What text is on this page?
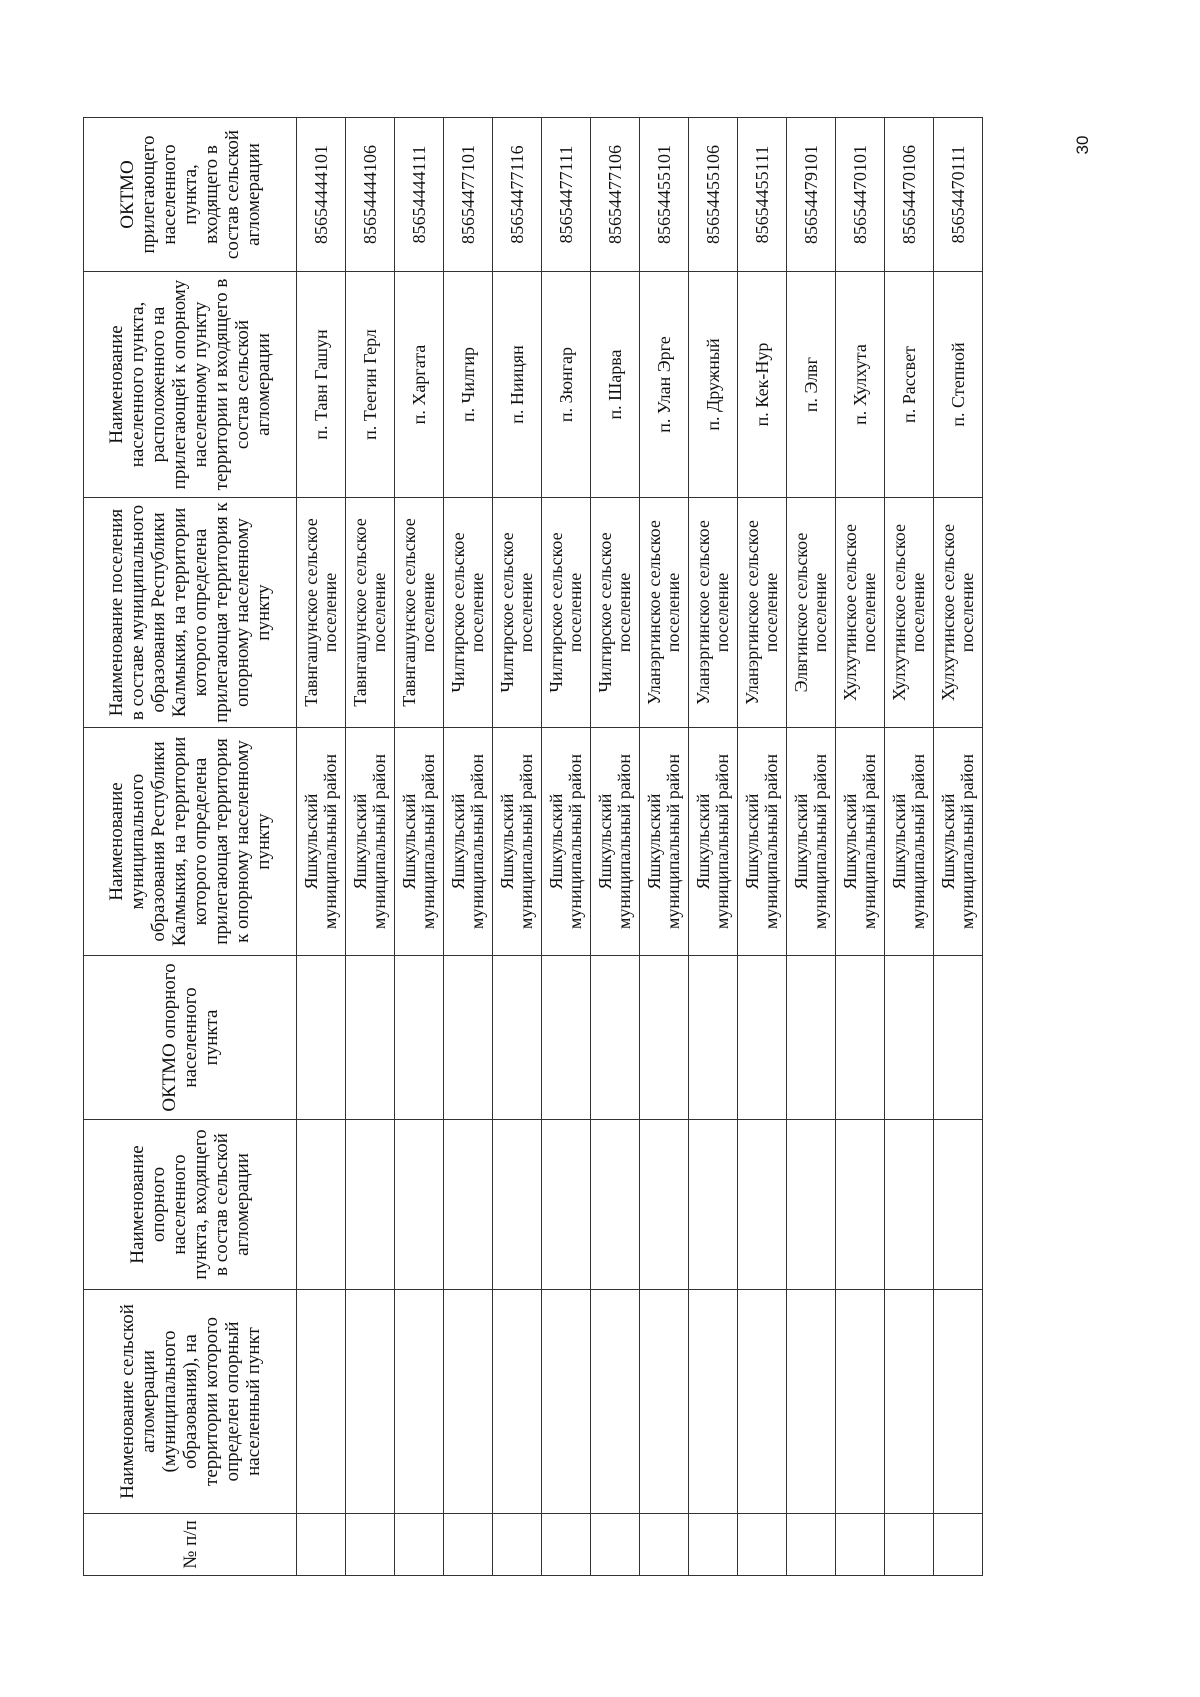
30
№ п/п	Наименование сельской агломерации (муниципального образования), на территории которого определен опорный населенный пункт	Наименование опорного населенного пункта, входящего в состав сельской агломерации	ОКТМО опорного населенного пункта	Наименование муниципального образования Республики Калмыкия, на территории которого определена прилегающая территория к опорному населенному пункту	Наименование поселения в составе муниципального образования Республики Калмыкия, на территории которого определена прилегающая территория к опорному населенному пункту	Наименование населенного пункта, расположенного на прилегающей к опорному населенному пункту территории и входящего в состав сельской агломерации	ОКТМО прилегающего населенного пункта, входящего в состав сельской агломерации
				Яшкульский муниципальный район	Тавнгашунское сельское поселение	п. Тавн Гашун	85654444101
				Яшкульский муниципальный район	Тавнгашунское сельское поселение	п. Теегин Герл	85654444106
				Яшкульский муниципальный район	Тавнгашунское сельское поселение	п. Харгата	85654444111
				Яшкульский муниципальный район	Чилгирское сельское поселение	п. Чилгир	85654477101
				Яшкульский муниципальный район	Чилгирское сельское поселение	п. Ниицян	85654477116
				Яшкульский муниципальный район	Чилгирское сельское поселение	п. Зюнгар	85654477111
				Яшкульский муниципальный район	Чилгирское сельское поселение	п. Шарва	85654477106
				Яшкульский муниципальный район	Уланэргинское сельское поселение	п. Улан Эрге	85654455101
				Яшкульский муниципальный район	Уланэргинское сельское поселение	п. Дружный	85654455106
				Яшкульский муниципальный район	Уланэргинское сельское поселение	п. Кек-Нур	85654455111
				Яшкульский муниципальный район	Элвгинское сельское поселение	п. Элвг	85654479101
				Яшкульский муниципальный район	Хулхутинское сельское поселение	п. Хулхута	85654470101
				Яшкульский муниципальный район	Хулхутинское сельское поселение	п. Рассвет	85654470106
				Яшкульский муниципальный район	Хулхутинское сельское поселение	п. Степной	85654470111
